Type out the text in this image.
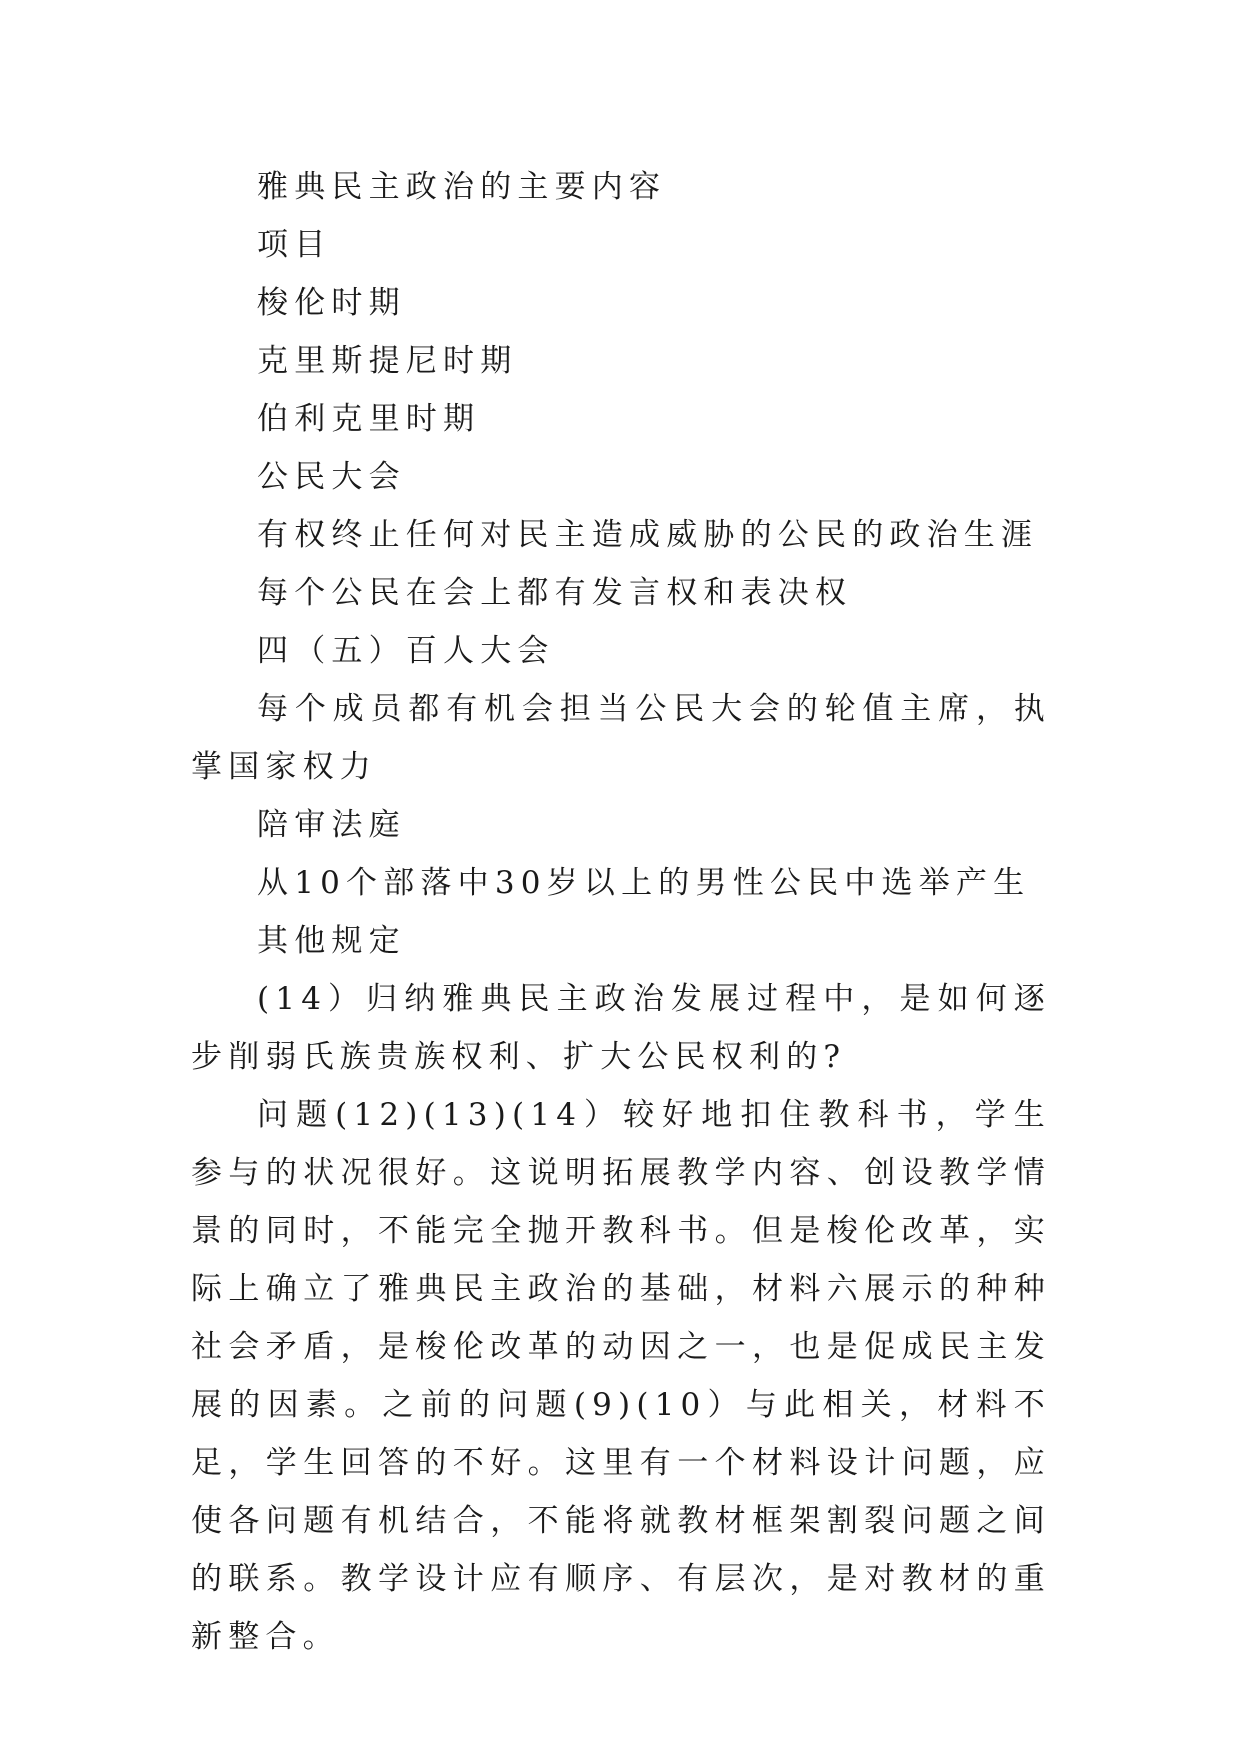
雅典民主政治的主要内容

项目

梭伦时期

克里斯提尼时期

伯利克里时期

公民大会

有权终止任何对民主造成威胁的公民的政治生涯

每个公民在会上都有发言权和表决权

四（五）百人大会

每个成员都有机会担当公民大会的轮值主席，执掌国家权力

陪审法庭

从10个部落中30岁以上的男性公民中选举产生

其他规定

(14）归纳雅典民主政治发展过程中，是如何逐步削弱氏族贵族权利、扩大公民权利的?

问题(12)(13)(14）较好地扣住教科书，学生参与的状况很好。这说明拓展教学内容、创设教学情景的同时，不能完全抛开教科书。但是梭伦改革，实际上确立了雅典民主政治的基础，材料六展示的种种社会矛盾，是梭伦改革的动因之一，也是促成民主发展的因素。之前的问题(9)(10）与此相关，材料不足，学生回答的不好。这里有一个材料设计问题，应使各问题有机结合，不能将就教材框架割裂问题之间的联系。教学设计应有顺序、有层次，是对教材的重新整合。
